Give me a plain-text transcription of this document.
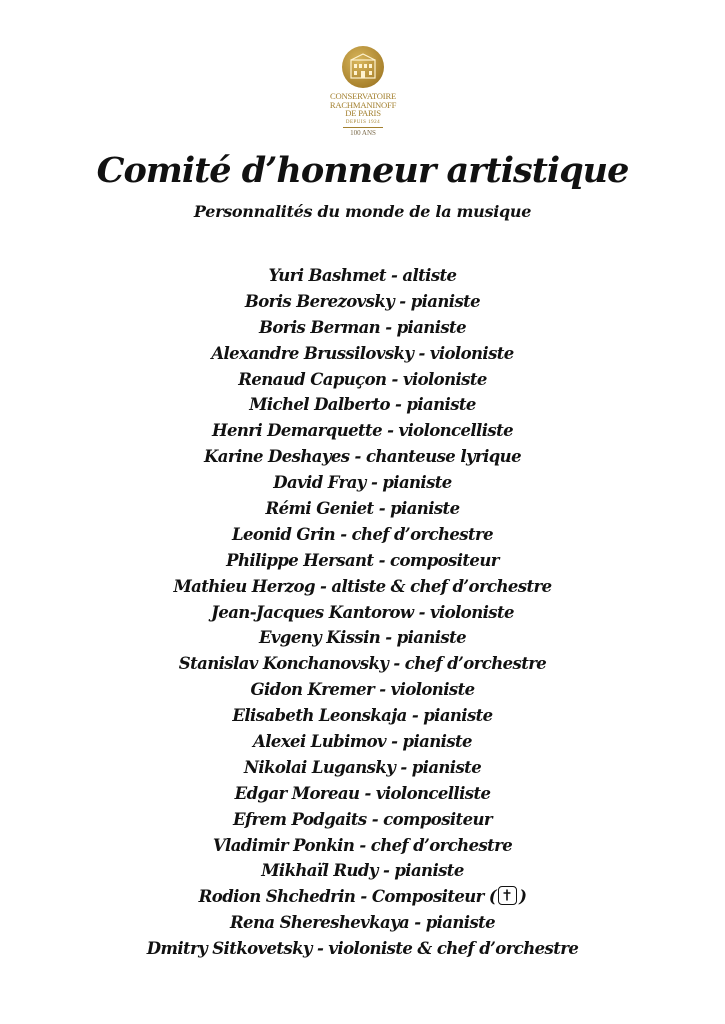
CONSERVATOIRE
RACHMANINOFF
DE PARIS
DEPUIS 1924
100 ANS
Comité d’honneur artistique
Personnalités du monde de la musique
Yuri Bashmet - altiste
Boris Berezovsky - pianiste
Boris Berman - pianiste
Alexandre Brussilovsky - violoniste
Renaud Capuçon - violoniste
Michel Dalberto - pianiste
Henri Demarquette - violoncelliste
Karine Deshayes - chanteuse lyrique
David Fray - pianiste
Rémi Geniet - pianiste
Leonid Grin - chef d’orchestre
Philippe Hersant - compositeur
Mathieu Herzog - altiste & chef d’orchestre
Jean-Jacques Kantorow - violoniste
Evgeny Kissin - pianiste
Stanislav Konchanovsky - chef d’orchestre
Gidon Kremer - violoniste
Elisabeth Leonskaja - pianiste
Alexei Lubimov - pianiste
Nikolai Lugansky - pianiste
Edgar Moreau - violoncelliste
Efrem Podgaits - compositeur
Vladimir Ponkin - chef d’orchestre
Mikhaïl Rudy - pianiste
Rodion Shchedrin - Compositeur ( )
Rena Shereshevkaya - pianiste
Dmitry Sitkovetsky - violoniste & chef d’orchestre
